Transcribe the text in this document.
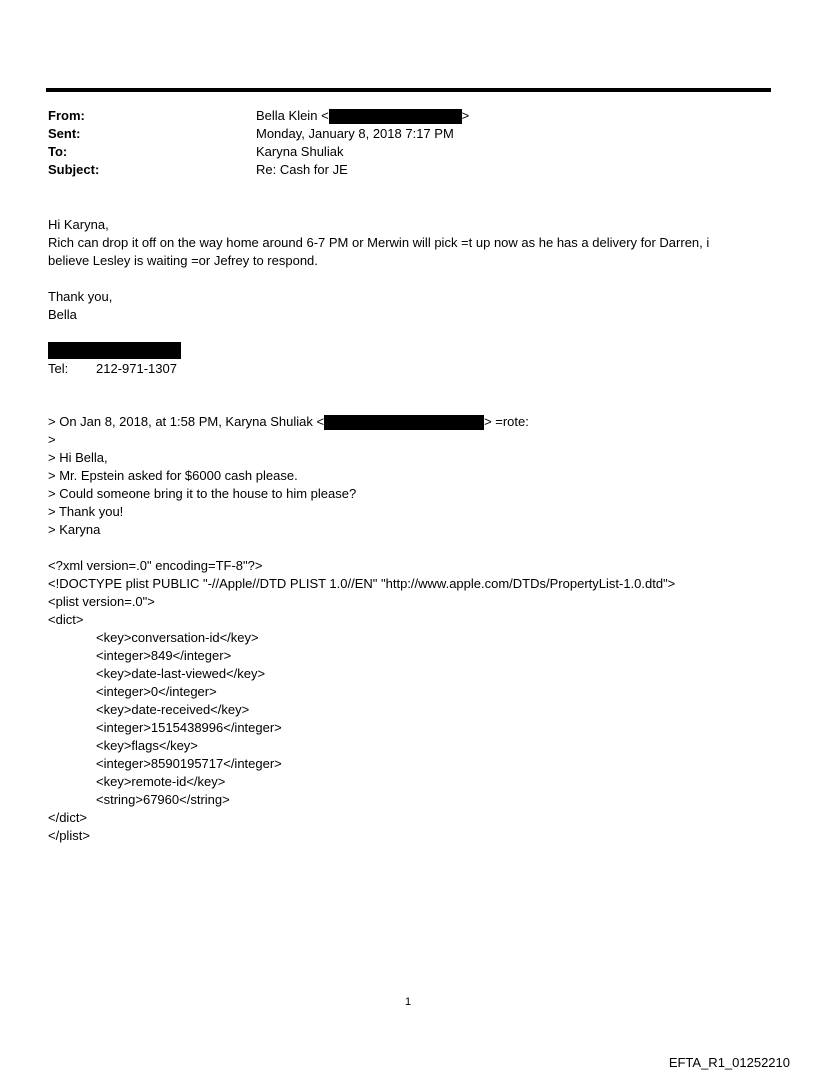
From:	Bella Klein <	>
Sent:	Monday, January 8, 2018 7:17 PM
To:	Karyna Shuliak
Subject:	Re: Cash for JE
Hi Karyna,
Rich can drop it off on the way home around 6-7 PM or Merwin will pick =t up now as he has a delivery for Darren, i
believe Lesley is waiting =or Jefrey to respond.
Thank you,
Bella
Tel: 212-971-1307
> On Jan 8, 2018, at 1:58 PM, Karyna Shuliak <	> =rote:
>
> Hi Bella,
> Mr. Epstein asked for $6000 cash please.
> Could someone bring it to the house to him please?
> Thank you!
> Karyna
<?xml version=.0" encoding=TF-8"?>
<!DOCTYPE plist PUBLIC "-//Apple//DTD PLIST 1.0//EN" "http://www.apple.com/DTDs/PropertyList-1.0.dtd">
<plist version=.0">
<dict>
<key>conversation-id</key>
<integer>849</integer>
<key>date-last-viewed</key>
<integer>0</integer>
<key>date-received</key>
<integer>1515438996</integer>
<key>flags</key>
<integer>8590195717</integer>
<key>remote-id</key>
<string>67960</string>
</dict>
</plist>
1
EFTA_R1_01252210
